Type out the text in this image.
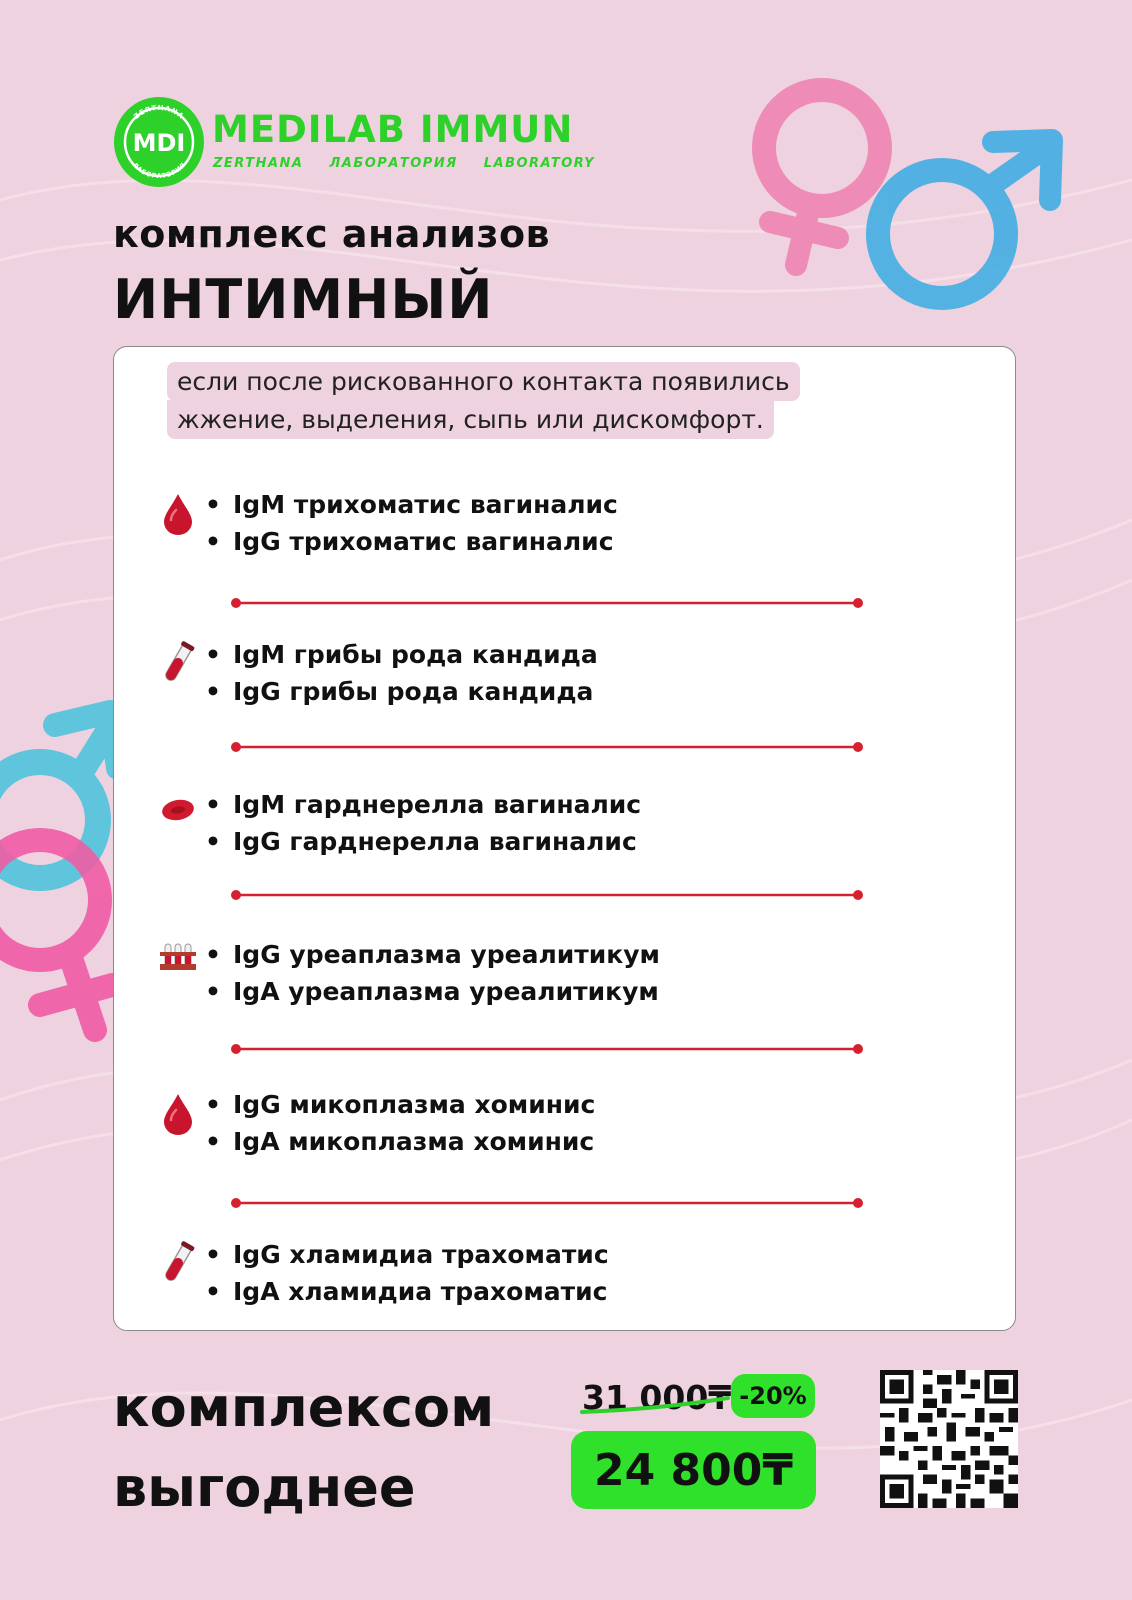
ZERTHANA
ЛАБОРАТОРИЯ
MDI MEDILAB IMMUN
ZERTHANA ЛАБОРАТОРИЯ LABORATORY
комплекс анализов
ИНТИМНЫЙ
если после рискованного контакта появились
жжение, выделения, сыпь или дискомфорт.
• IgM трихоматис вагиналис
• IgG трихоматис вагиналис
• IgM грибы рода кандида
• IgG грибы рода кандида
• IgM гарднерелла вагиналис
• IgG гарднерелла вагиналис
• IgG уреаплазма уреалитикум
• IgA уреаплазма уреалитикум
• IgG микоплазма хоминис
• IgA микоплазма хоминис
• IgG хламидиа трахоматис
• IgA хламидиа трахоматис
комплексом
выгоднее
31 000₸ -20%
24 800₸
